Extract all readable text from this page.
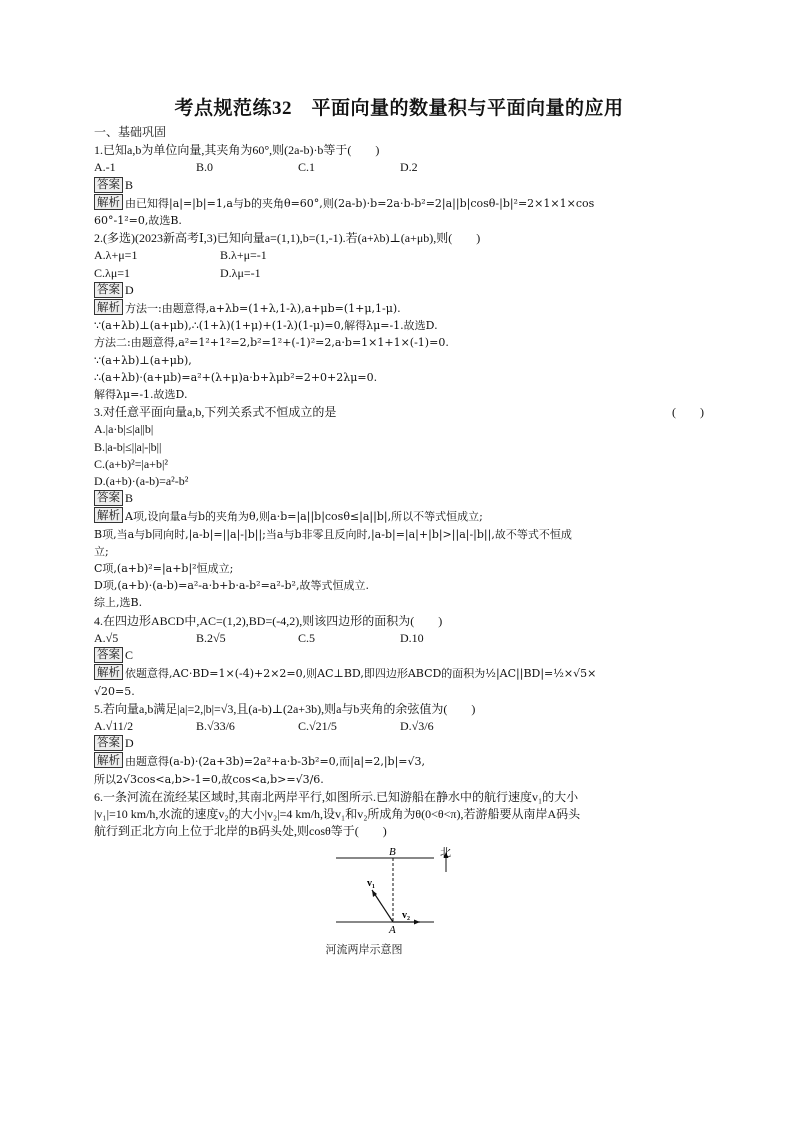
考点规范练32　平面向量的数量积与平面向量的应用
一、基础巩固
1.已知a,b为单位向量,其夹角为60°,则(2a-b)·b等于(　　)
A.-1	B.0	C.1	D.2
答案 B
解析 由已知得|a|=|b|=1,a与b的夹角θ=60°,则(2a-b)·b=2a·b-b²=2|a||b|cosθ-|b|²=2×1×1×cos
60°-1²=0,故选B.
2.(多选)(2023新高考Ⅰ,3)已知向量a=(1,1),b=(1,-1).若(a+λb)⊥(a+μb),则(　　)
A.λ+μ=1	B.λ+μ=-1
C.λμ=1	D.λμ=-1
答案 D
解析 方法一:由题意得,a+λb=(1+λ,1-λ),a+μb=(1+μ,1-μ).
∵(a+λb)⊥(a+μb),∴(1+λ)(1+μ)+(1-λ)(1-μ)=0,解得λμ=-1.故选D.
方法二:由题意得,a²=1²+1²=2,b²=1²+(-1)²=2,a·b=1×1+1×(-1)=0.
∵(a+λb)⊥(a+μb),
∴(a+λb)·(a+μb)=a²+(λ+μ)a·b+λμb²=2+0+2λμ=0.
解得λμ=-1.故选D.
3.对任意平面向量a,b,下列关系式不恒成立的是	(　　)
A.|a·b|≤|a||b|
B.|a-b|≤||a|-|b||
C.(a+b)²=|a+b|²
D.(a+b)·(a-b)=a²-b²
答案 B
解析 A项,设向量a与b的夹角为θ,则a·b=|a||b|cosθ≤|a||b|,所以不等式恒成立;
B项,当a与b同向时,|a-b|=||a|-|b||;当a与b非零且反向时,|a-b|=|a|+|b|>||a|-|b||,故不等式不恒成
立;
C项,(a+b)²=|a+b|²恒成立;
D项,(a+b)·(a-b)=a²-a·b+b·a-b²=a²-b²,故等式恒成立.
综上,选B.
4.在四边形ABCD中,AC=(1,2),BD=(-4,2),则该四边形的面积为(　　)
A.√5	B.2√5	C.5	D.10
答案 C
解析 依题意得,AC·BD=1×(-4)+2×2=0,则AC⊥BD,即四边形ABCD的面积为½|AC||BD|=½×√5×
√20=5.
5.若向量a,b满足|a|=2,|b|=√3,且(a-b)⊥(2a+3b),则a与b夹角的余弦值为(　　)
A.√11/2	B.√33/6	C.√21/5	D.√3/6
答案 D
解析 由题意得(a-b)·(2a+3b)=2a²+a·b-3b²=0,而|a|=2,|b|=√3,
所以2√3cos<a,b>-1=0,故cos<a,b>=√3/6.
6.一条河流在流经某区域时,其南北两岸平行,如图所示.已知游船在静水中的航行速度v₁的大小
|v₁|=10 km/h,水流的速度v₂的大小|v₂|=4 km/h,设v₁和v₂所成角为θ(0<θ<π),若游船要从南岸A码头
航行到正北方向上位于北岸的B码头处,则cosθ等于(　　)
B
A
v₁
v₂
北
河流两岸示意图
